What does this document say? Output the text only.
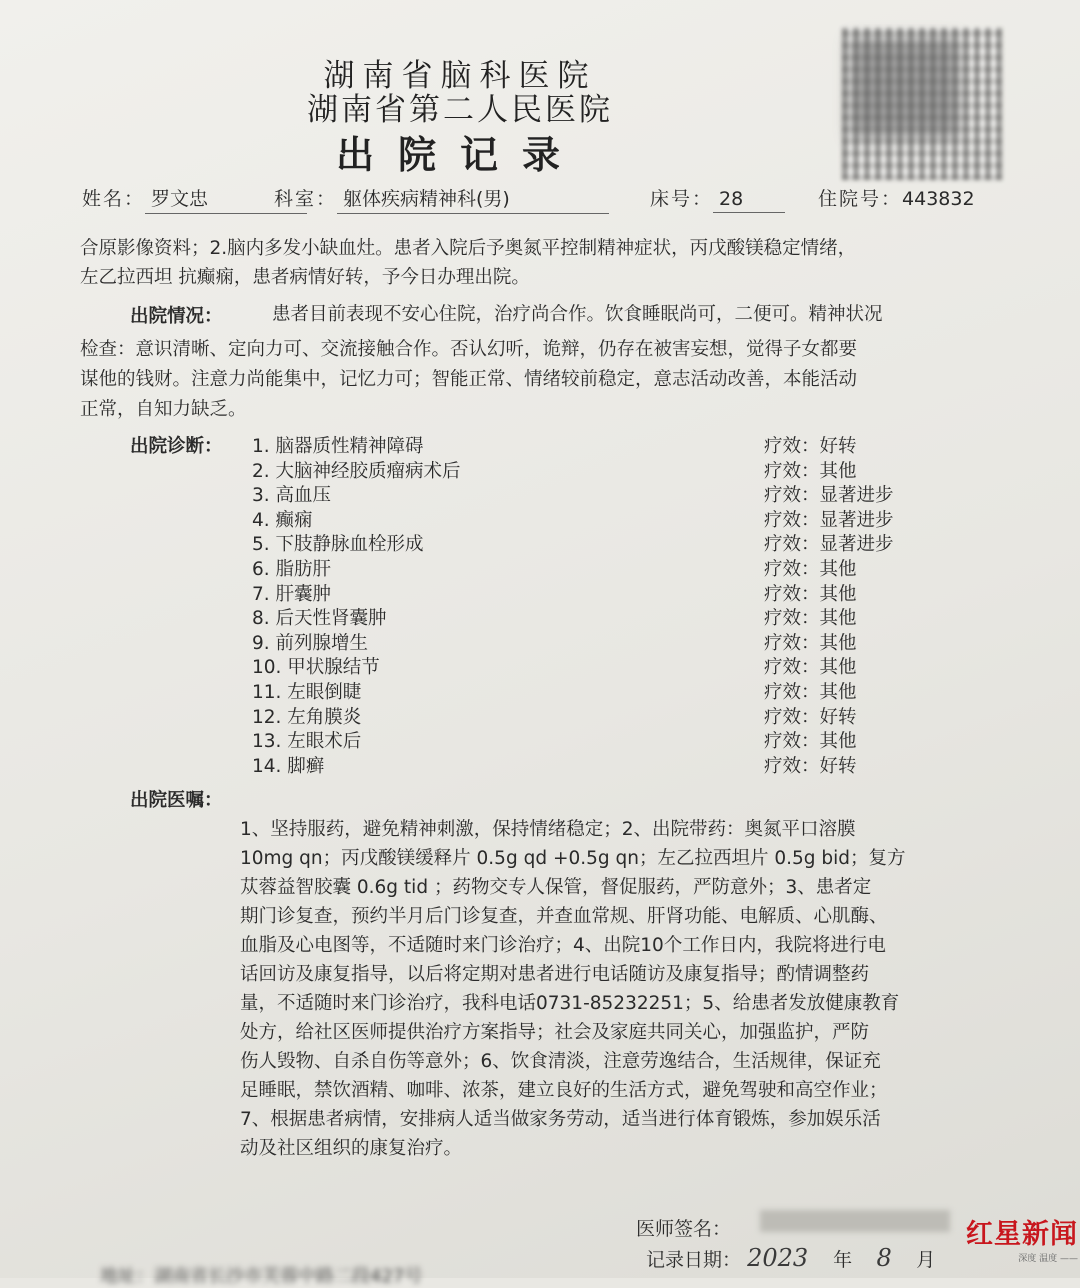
湖南省脑科医院
湖南省第二人民医院
出院记录
姓名： 罗文忠	科室： 躯体疾病精神科(男)	床号： 28	住院号：443832
合原影像资料；2.脑内多发小缺血灶。患者入院后予奥氮平控制精神症状，丙戊酸镁稳定情绪，
左乙拉西坦 抗癫痫，患者病情好转，予今日办理出院。
出院情况：	患者目前表现不安心住院，治疗尚合作。饮食睡眠尚可，二便可。精神状况
检查：意识清晰、定向力可、交流接触合作。否认幻听，诡辩，仍存在被害妄想，觉得子女都要
谋他的钱财。注意力尚能集中，记忆力可；智能正常、情绪较前稳定，意志活动改善，本能活动
正常，自知力缺乏。
出院诊断： 1. 脑器质性精神障碍	疗效：好转
2. 大脑神经胶质瘤病术后	疗效：其他
3. 高血压	疗效：显著进步
4. 癫痫	疗效：显著进步
5. 下肢静脉血栓形成	疗效：显著进步
6. 脂肪肝	疗效：其他
7. 肝囊肿	疗效：其他
8. 后天性肾囊肿	疗效：其他
9. 前列腺增生	疗效：其他
10. 甲状腺结节	疗效：其他
11. 左眼倒睫	疗效：其他
12. 左角膜炎	疗效：好转
13. 左眼术后	疗效：其他
14. 脚癣	疗效：好转
出院医嘱：
1、坚持服药，避免精神刺激，保持情绪稳定；2、出院带药：奥氮平口溶膜
10mg qn；丙戊酸镁缓释片 0.5g qd +0.5g qn；左乙拉西坦片 0.5g bid；复方
苁蓉益智胶囊 0.6g tid ；药物交专人保管，督促服药，严防意外；3、患者定
期门诊复查，预约半月后门诊复查，并查血常规、肝肾功能、电解质、心肌酶、
血脂及心电图等，不适随时来门诊治疗；4、出院10个工作日内，我院将进行电
话回访及康复指导，以后将定期对患者进行电话随访及康复指导；酌情调整药
量，不适随时来门诊治疗，我科电话0731-85232251；5、给患者发放健康教育
处方，给社区医师提供治疗方案指导；社会及家庭共同关心，加强监护，严防
伤人毁物、自杀自伤等意外；6、饮食清淡，注意劳逸结合，生活规律，保证充
足睡眠，禁饮酒精、咖啡、浓茶，建立良好的生活方式，避免驾驶和高空作业；
7、根据患者病情，安排病人适当做家务劳动，适当进行体育锻炼，参加娱乐活
动及社区组织的康复治疗。
医师签名：
记录日期： 2023 年 8 月
地址：湖南省长沙市芙蓉中路二段427号
红星新闻
深度 温度 ——
